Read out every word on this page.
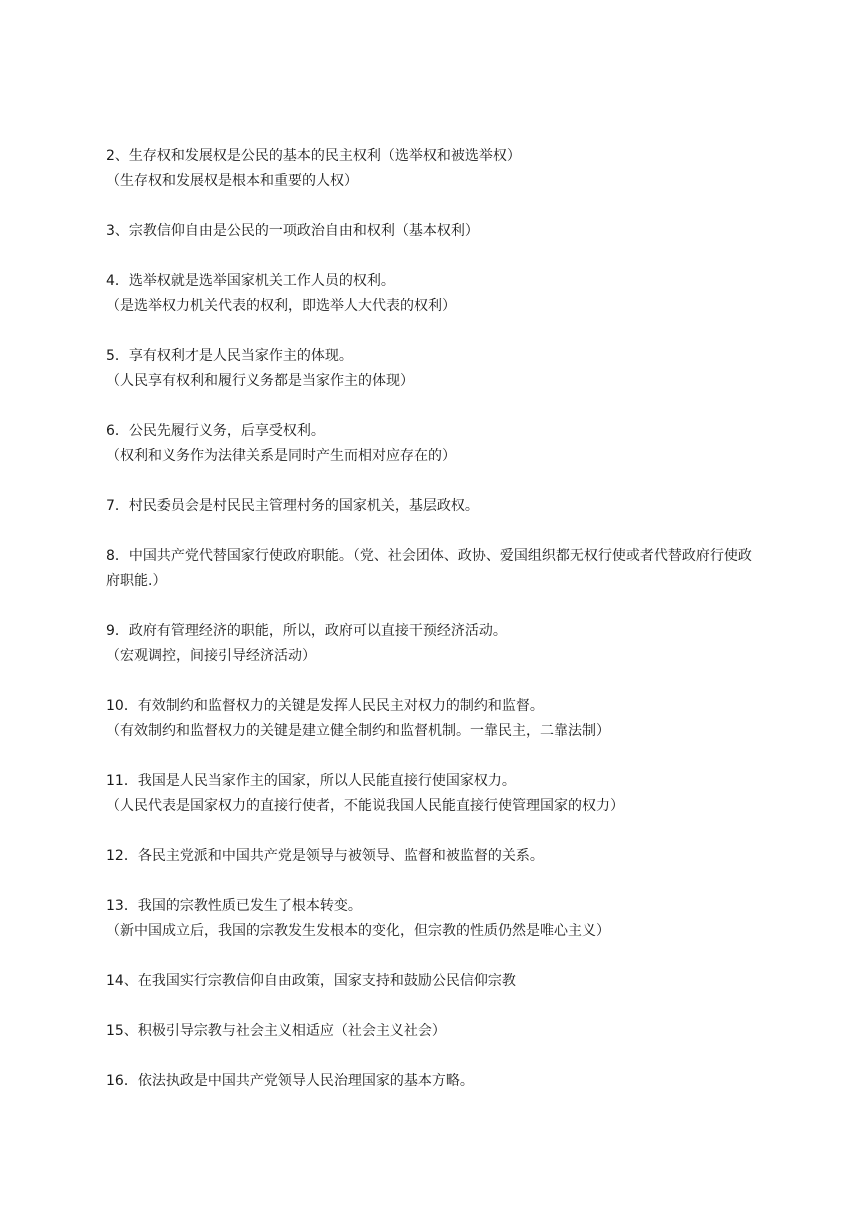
2、生存权和发展权是公民的基本的民主权利（选举权和被选举权）
（生存权和发展权是根本和重要的人权）
3、宗教信仰自由是公民的一项政治自由和权利（基本权利）
4．选举权就是选举国家机关工作人员的权利。
（是选举权力机关代表的权利，即选举人大代表的权利）
5．享有权利才是人民当家作主的体现。
（人民享有权利和履行义务都是当家作主的体现）
6．公民先履行义务，后享受权利。
（权利和义务作为法律关系是同时产生而相对应存在的）
7．村民委员会是村民民主管理村务的国家机关，基层政权。
8．中国共产党代替国家行使政府职能。（党、社会团体、政协、爱国组织都无权行使或者代替政府行使政府职能.）
9．政府有管理经济的职能，所以，政府可以直接干预经济活动。
（宏观调控，间接引导经济活动）
10．有效制约和监督权力的关键是发挥人民民主对权力的制约和监督。
（有效制约和监督权力的关键是建立健全制约和监督机制。一靠民主，二靠法制）
11．我国是人民当家作主的国家，所以人民能直接行使国家权力。
（人民代表是国家权力的直接行使者，不能说我国人民能直接行使管理国家的权力）
12．各民主党派和中国共产党是领导与被领导、监督和被监督的关系。
13．我国的宗教性质已发生了根本转变。
（新中国成立后，我国的宗教发生发根本的变化，但宗教的性质仍然是唯心主义）
14、在我国实行宗教信仰自由政策，国家支持和鼓励公民信仰宗教
15、积极引导宗教与社会主义相适应（社会主义社会）
16．依法执政是中国共产党领导人民治理国家的基本方略。
